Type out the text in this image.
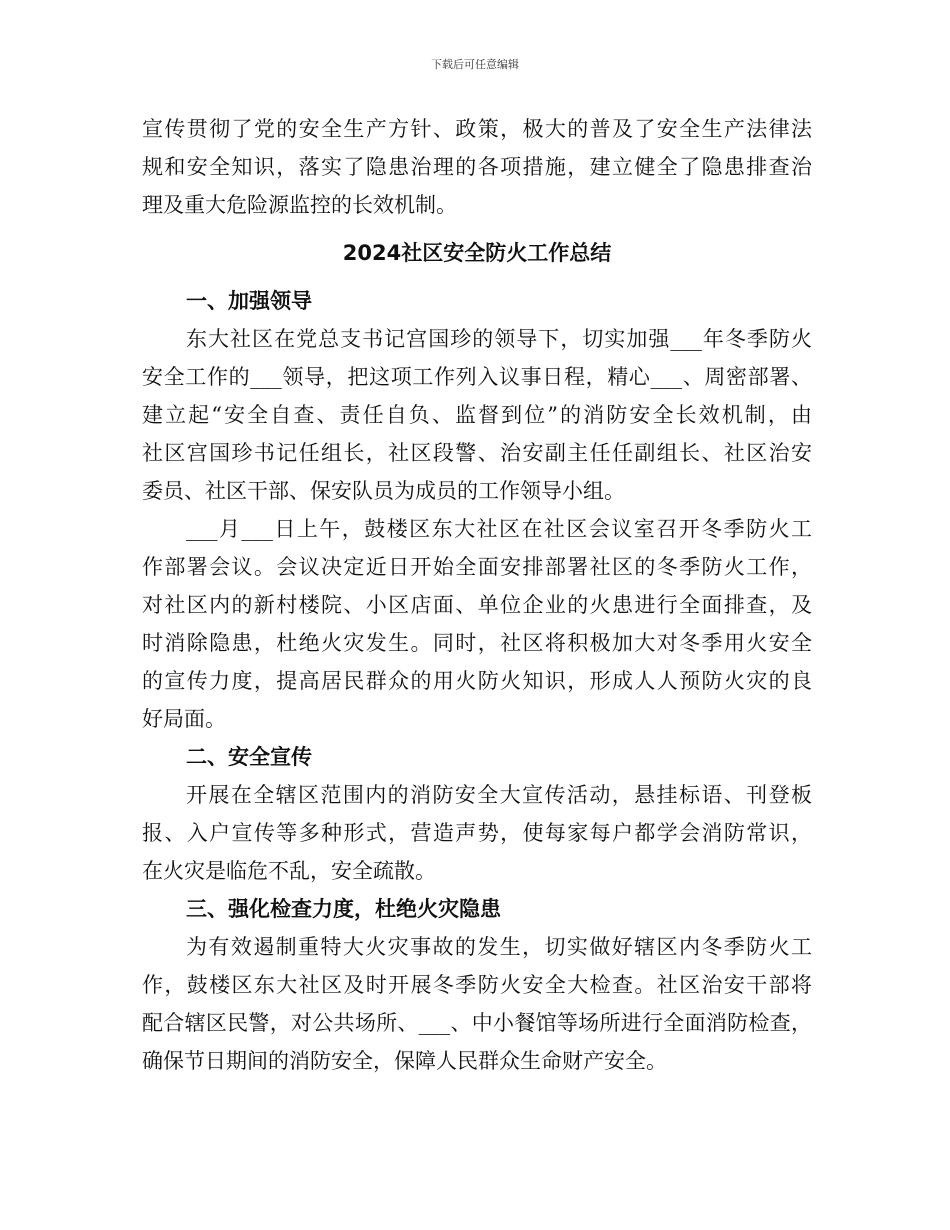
下载后可任意编辑
宣传贯彻了党的安全生产方针、政策，极大的普及了安全生产法律法
规和安全知识，落实了隐患治理的各项措施，建立健全了隐患排查治
理及重大危险源监控的长效机制。
2024社区安全防火工作总结
一、加强领导
东大社区在党总支书记宫国珍的领导下，切实加强___年冬季防火
安全工作的___领导，把这项工作列入议事日程，精心___、周密部署、
建立起“安全自查、责任自负、监督到位”的消防安全长效机制，由
社区宫国珍书记任组长，社区段警、治安副主任任副组长、社区治安
委员、社区干部、保安队员为成员的工作领导小组。
___月___日上午，鼓楼区东大社区在社区会议室召开冬季防火工
作部署会议。会议决定近日开始全面安排部署社区的冬季防火工作，
对社区内的新村楼院、小区店面、单位企业的火患进行全面排查，及
时消除隐患，杜绝火灾发生。同时，社区将积极加大对冬季用火安全
的宣传力度，提高居民群众的用火防火知识，形成人人预防火灾的良
好局面。
二、安全宣传
开展在全辖区范围内的消防安全大宣传活动，悬挂标语、刊登板
报、入户宣传等多种形式，营造声势，使每家每户都学会消防常识，
在火灾是临危不乱，安全疏散。
三、强化检查力度，杜绝火灾隐患
为有效遏制重特大火灾事故的发生，切实做好辖区内冬季防火工
作，鼓楼区东大社区及时开展冬季防火安全大检查。社区治安干部将
配合辖区民警，对公共场所、___、中小餐馆等场所进行全面消防检查，
确保节日期间的消防安全，保障人民群众生命财产安全。
